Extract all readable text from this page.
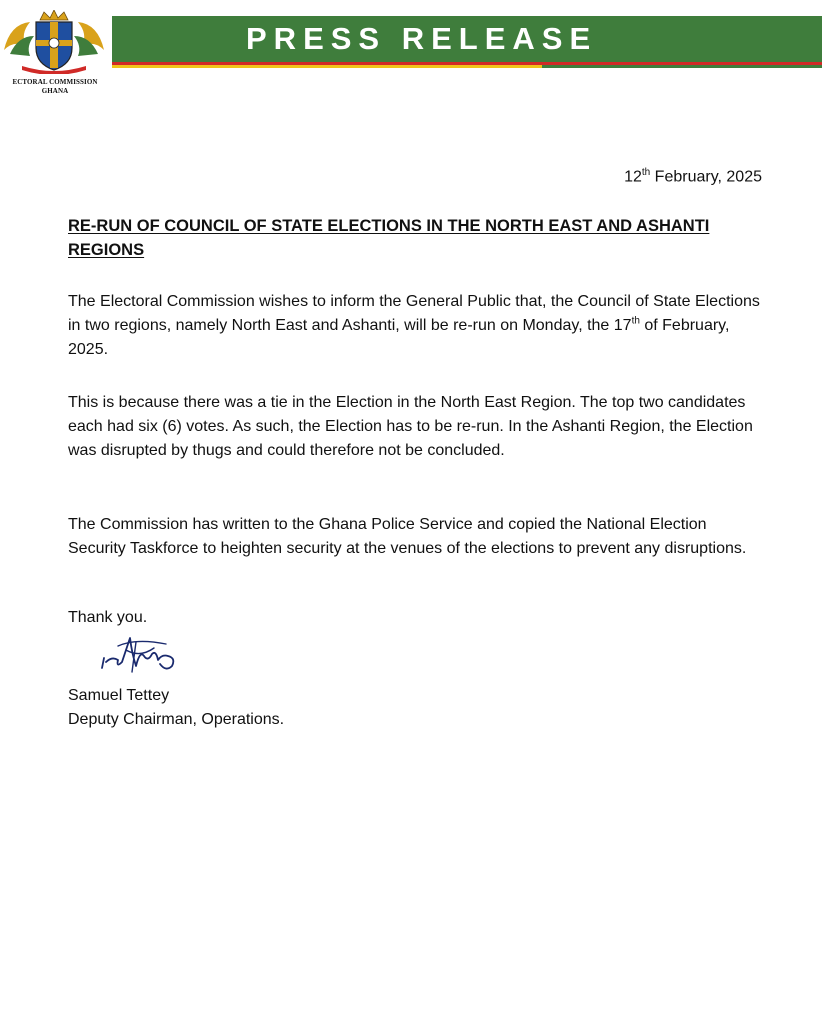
ECTORAL COMMISSION
GHANA
PRESS RELEASE
12th February, 2025
RE-RUN OF COUNCIL OF STATE ELECTIONS IN THE NORTH EAST AND ASHANTI REGIONS
The Electoral Commission wishes to inform the General Public that, the Council of State Elections in two regions, namely North East and Ashanti, will be re-run on Monday, the 17th of February, 2025.
This is because there was a tie in the Election in the North East Region. The top two candidates each had six (6) votes. As such, the Election has to be re-run. In the Ashanti Region, the Election was disrupted by thugs and could therefore not be concluded.
The Commission has written to the Ghana Police Service and copied the National Election Security Taskforce to heighten security at the venues of the elections to prevent any disruptions.
Thank you.
Samuel Tettey
Deputy Chairman, Operations.
